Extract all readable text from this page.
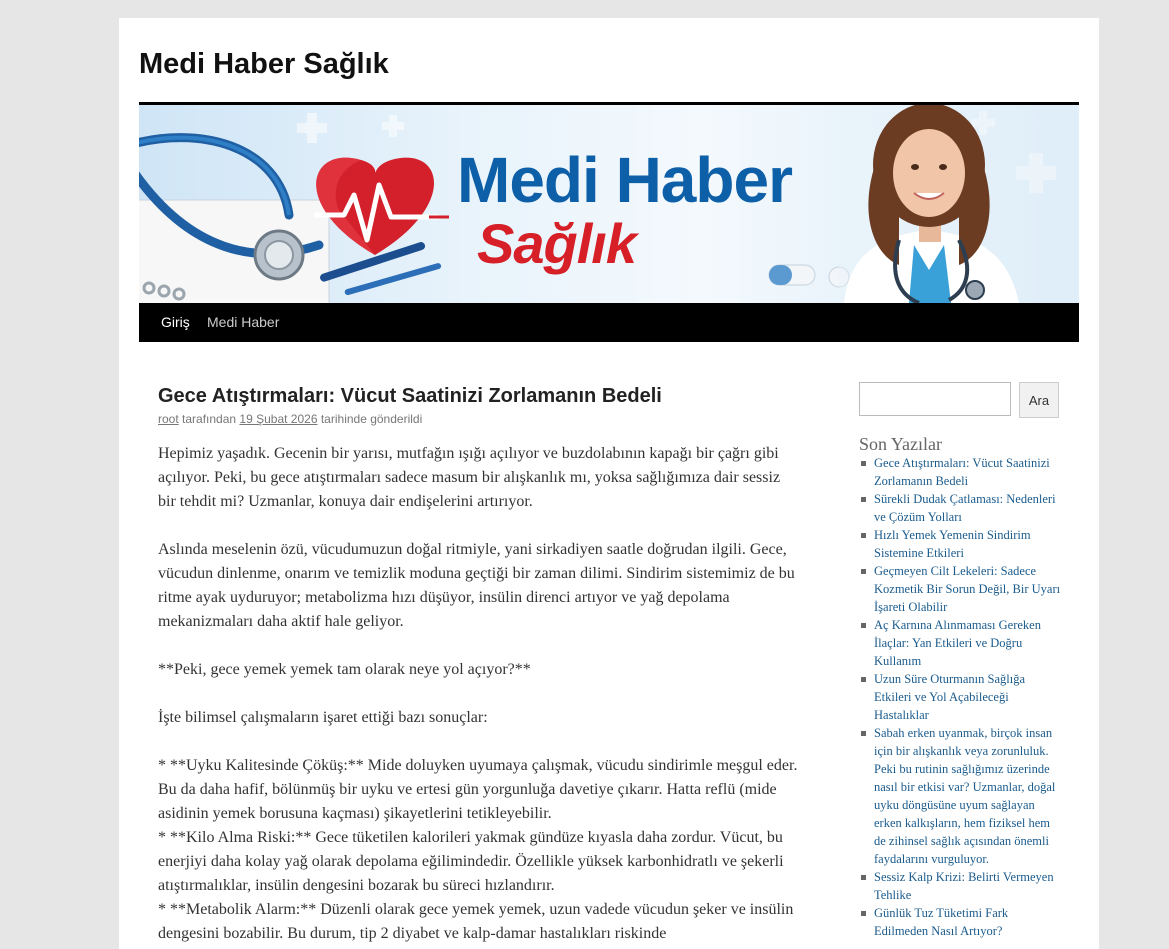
Medi Haber Sağlık
Medi Haber
Sağlık
Giriş Medi Haber
Gece Atıştırmaları: Vücut Saatinizi Zorlamanın Bedeli
root tarafından 19 Şubat 2026 tarihinde gönderildi

Hepimiz yaşadık. Gecenin bir yarısı, mutfağın ışığı açılıyor ve buzdolabının kapağı bir çağrı gibi açılıyor. Peki, bu gece atıştırmaları sadece masum bir alışkanlık mı, yoksa sağlığımıza dair sessiz bir tehdit mi? Uzmanlar, konuya dair endişelerini artırıyor.

Aslında meselenin özü, vücudumuzun doğal ritmiyle, yani sirkadiyen saatle doğrudan ilgili. Gece, vücudun dinlenme, onarım ve temizlik moduna geçtiği bir zaman dilimi. Sindirim sistemimiz de bu ritme ayak uyduruyor; metabolizma hızı düşüyor, insülin direnci artıyor ve yağ depolama mekanizmaları daha aktif hale geliyor.

**Peki, gece yemek yemek tam olarak neye yol açıyor?**

İşte bilimsel çalışmaların işaret ettiği bazı sonuçlar:

* **Uyku Kalitesinde Çöküş:** Mide doluyken uyumaya çalışmak, vücudu sindirimle meşgul eder. Bu da daha hafif, bölünmüş bir uyku ve ertesi gün yorgunluğa davetiye çıkarır. Hatta reflü (mide asidinin yemek borusuna kaçması) şikayetlerini tetikleyebilir.

* **Kilo Alma Riski:** Gece tüketilen kalorileri yakmak gündüze kıyasla daha zordur. Vücut, bu enerjiyi daha kolay yağ olarak depolama eğilimindedir. Özellikle yüksek karbonhidratlı ve şekerli atıştırmalıklar, insülin dengesini bozarak bu süreci hızlandırır.

* **Metabolik Alarm:** Düzenli olarak gece yemek yemek, uzun vadede vücudun şeker ve insülin dengesini bozabilir. Bu durum, tip 2 diyabet ve kalp-damar hastalıkları riskinde

Ara
Son Yazılar
Gece Atıştırmaları: Vücut Saatinizi Zorlamanın Bedeli
Sürekli Dudak Çatlaması: Nedenleri ve Çözüm Yolları
Hızlı Yemek Yemenin Sindirim Sistemine Etkileri
Geçmeyen Cilt Lekeleri: Sadece Kozmetik Bir Sorun Değil, Bir Uyarı İşareti Olabilir
Aç Karnına Alınmaması Gereken İlaçlar: Yan Etkileri ve Doğru Kullanım
Uzun Süre Oturmanın Sağlığa Etkileri ve Yol Açabileceği Hastalıklar
Sabah erken uyanmak, birçok insan için bir alışkanlık veya zorunluluk. Peki bu rutinin sağlığımız üzerinde nasıl bir etkisi var? Uzmanlar, doğal uyku döngüsüne uyum sağlayan erken kalkışların, hem fiziksel hem de zihinsel sağlık açısından önemli faydalarını vurguluyor.
Sessiz Kalp Krizi: Belirti Vermeyen Tehlike
Günlük Tuz Tüketimi Fark Edilmeden Nasıl Artıyor?
